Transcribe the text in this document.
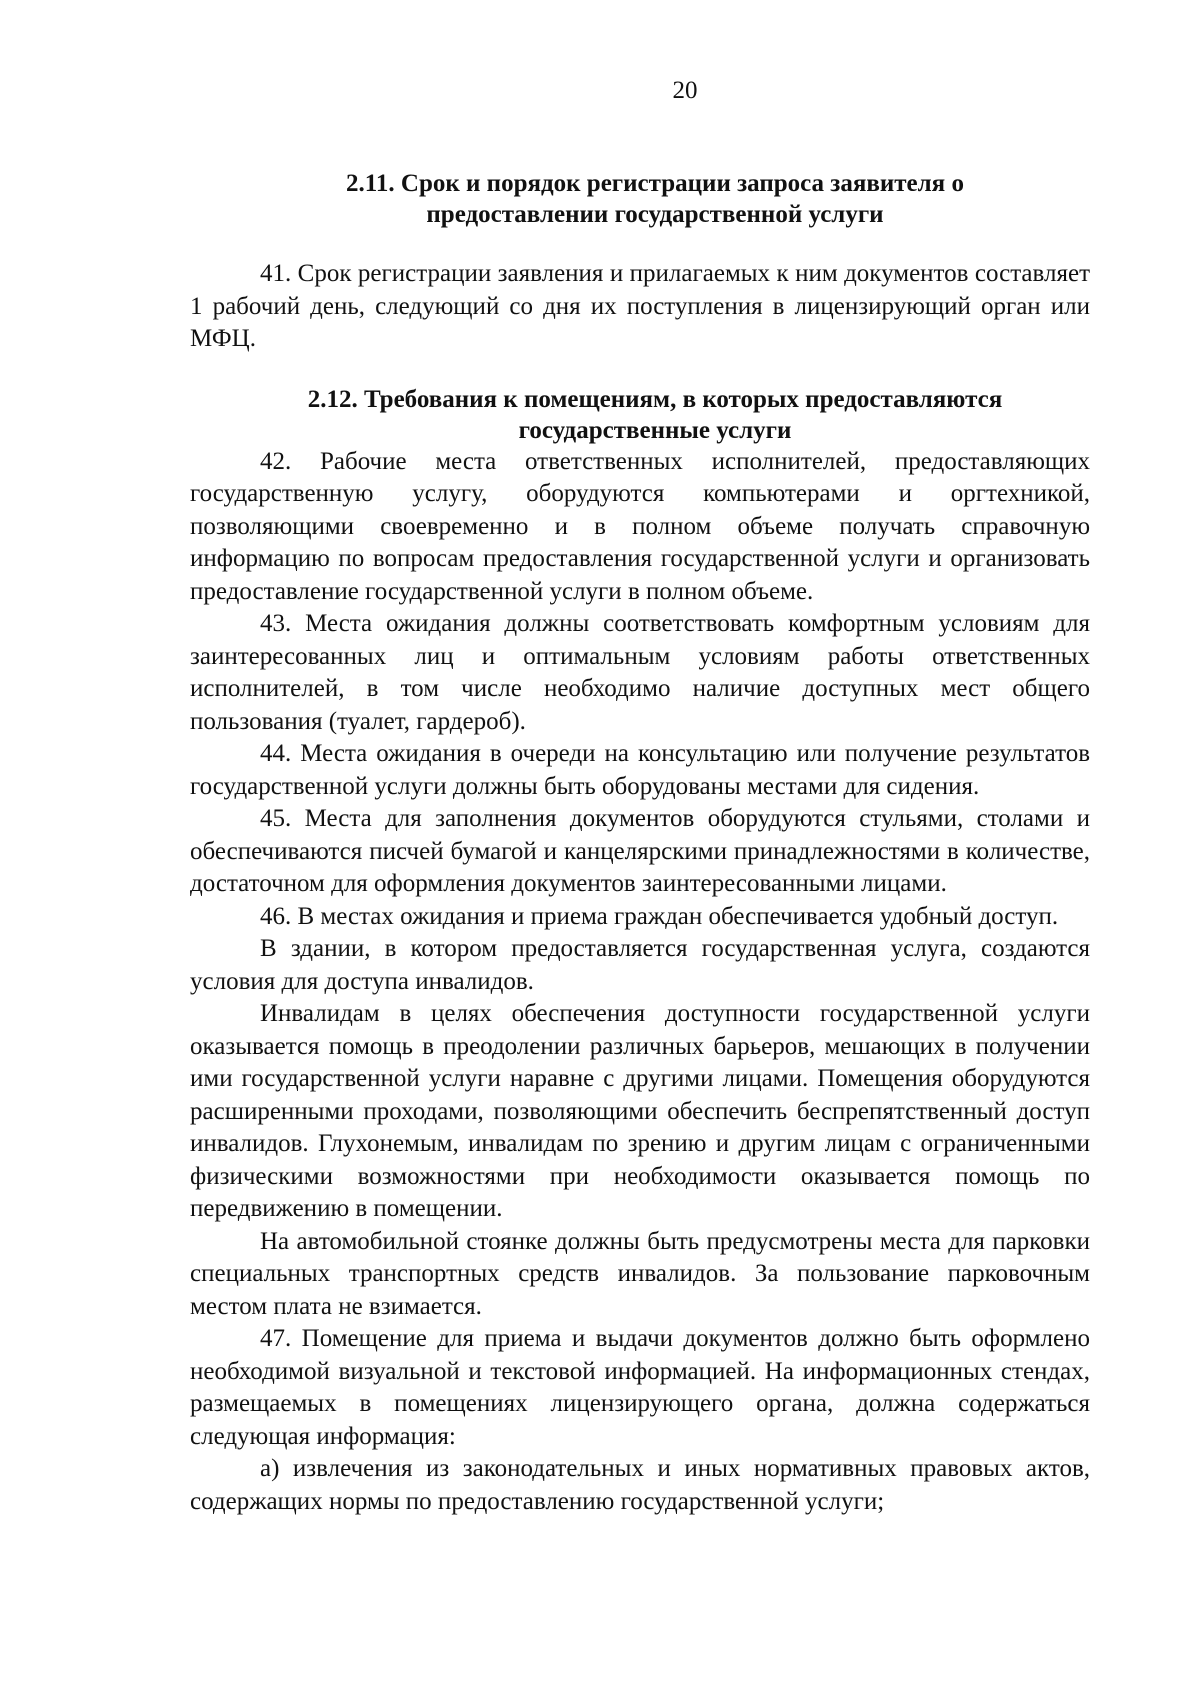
20
2.11. Срок и порядок регистрации запроса заявителя о
предоставлении государственной услуги

41. Срок регистрации заявления и прилагаемых к ним документов составляет 1 рабочий день, следующий со дня их поступления в лицензирующий орган или МФЦ.

2.12. Требования к помещениям, в которых предоставляются
государственные услуги

42. Рабочие места ответственных исполнителей, предоставляющих государственную услугу, оборудуются компьютерами и оргтехникой, позволяющими своевременно и в полном объеме получать справочную информацию по вопросам предоставления государственной услуги и организовать предоставление государственной услуги в полном объеме.

43. Места ожидания должны соответствовать комфортным условиям для заинтересованных лиц и оптимальным условиям работы ответственных исполнителей, в том числе необходимо наличие доступных мест общего пользования (туалет, гардероб).

44. Места ожидания в очереди на консультацию или получение результатов государственной услуги должны быть оборудованы местами для сидения.

45. Места для заполнения документов оборудуются стульями, столами и обеспечиваются писчей бумагой и канцелярскими принадлежностями в количестве, достаточном для оформления документов заинтересованными лицами.

46. В местах ожидания и приема граждан обеспечивается удобный доступ.

В здании, в котором предоставляется государственная услуга, создаются условия для доступа инвалидов.

Инвалидам в целях обеспечения доступности государственной услуги оказывается помощь в преодолении различных барьеров, мешающих в получении ими государственной услуги наравне с другими лицами. Помещения оборудуются расширенными проходами, позволяющими обеспечить беспрепятственный доступ инвалидов. Глухонемым, инвалидам по зрению и другим лицам с ограниченными физическими возможностями при необходимости оказывается помощь по передвижению в помещении.

На автомобильной стоянке должны быть предусмотрены места для парковки специальных транспортных средств инвалидов. За пользование парковочным местом плата не взимается.

47. Помещение для приема и выдачи документов должно быть оформлено необходимой визуальной и текстовой информацией. На информационных стендах, размещаемых в помещениях лицензирующего органа, должна содержаться следующая информация:

а) извлечения из законодательных и иных нормативных правовых актов, содержащих нормы по предоставлению государственной услуги;
